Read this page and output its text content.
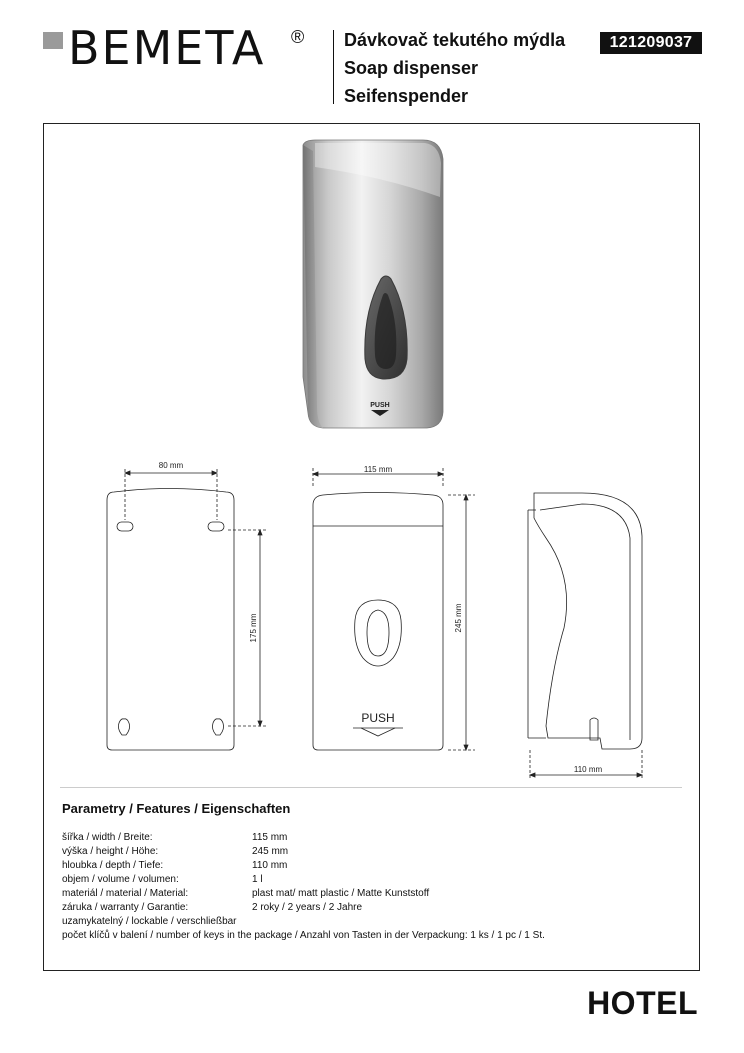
BEMETA ® Dávkovač tekutého mýdla
Soap dispenser
Seifenspender
121209037
PUSH
80 mm
175 mm
115 mm
PUSH
245 mm
110 mm
Parametry / Features / Eigenschaften
šířka / width / Breite:	115 mm
výška / height / Höhe:	245 mm
hloubka / depth / Tiefe:	110 mm
objem / volume / volumen:	1 l
materiál / material / Material:	plast mat/ matt plastic / Matte Kunststoff
záruka / warranty / Garantie:	2 roky / 2 years / 2 Jahre
uzamykatelný / lockable / verschließbar
počet klíčů v balení / number of keys in the package / Anzahl von Tasten in der Verpackung: 1 ks / 1 pc / 1 St.
HOTEL
